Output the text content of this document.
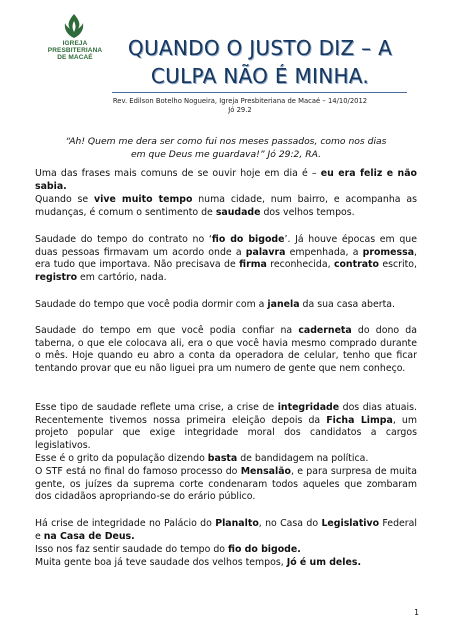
IGREJA
PRESBITERIANA
DE MACAÉ	QUANDO O JUSTO DIZ – A
CULPA NÃO É MINHA.
Rev. Edilson Botelho Nogueira, Igreja Presbiteriana de Macaé – 14/10/2012
Jó 29.2
“Ah! Quem me dera ser como fui nos meses passados, como nos dias
em que Deus me guardava!” Jó 29:2, RA.

Uma das frases mais comuns de se ouvir hoje em dia é – eu era feliz e não sabia.

Quando se vive muito tempo numa cidade, num bairro, e acompanha as mudanças, é comum o sentimento de saudade dos velhos tempos.

Saudade do tempo do contrato no ‘fio do bigode’. Já houve épocas em que duas pessoas firmavam um acordo onde a palavra empenhada, a promessa, era tudo que importava. Não precisava de firma reconhecida, contrato escrito, registro em cartório, nada.

Saudade do tempo que você podia dormir com a janela da sua casa aberta.

Saudade do tempo em que você podia confiar na caderneta do dono da taberna, o que ele colocava ali, era o que você havia mesmo comprado durante o mês. Hoje quando eu abro a conta da operadora de celular, tenho que ficar tentando provar que eu não liguei pra um numero de gente que nem conheço.

Esse tipo de saudade reflete uma crise, a crise de integridade dos dias atuais. Recentemente tivemos nossa primeira eleição depois da Ficha Limpa, um projeto popular que exige integridade moral dos candidatos a cargos legislativos.

Esse é o grito da população dizendo basta de bandidagem na política.

O STF está no final do famoso processo do Mensalão, e para surpresa de muita gente, os juízes da suprema corte condenaram todos aqueles que zombaram dos cidadãos apropriando-se do erário público.

Há crise de integridade no Palácio do Planalto, no Casa do Legislativo Federal e na Casa de Deus.

Isso nos faz sentir saudade do tempo do fio do bigode.

Muita gente boa já teve saudade dos velhos tempos, Jó é um deles.

1
